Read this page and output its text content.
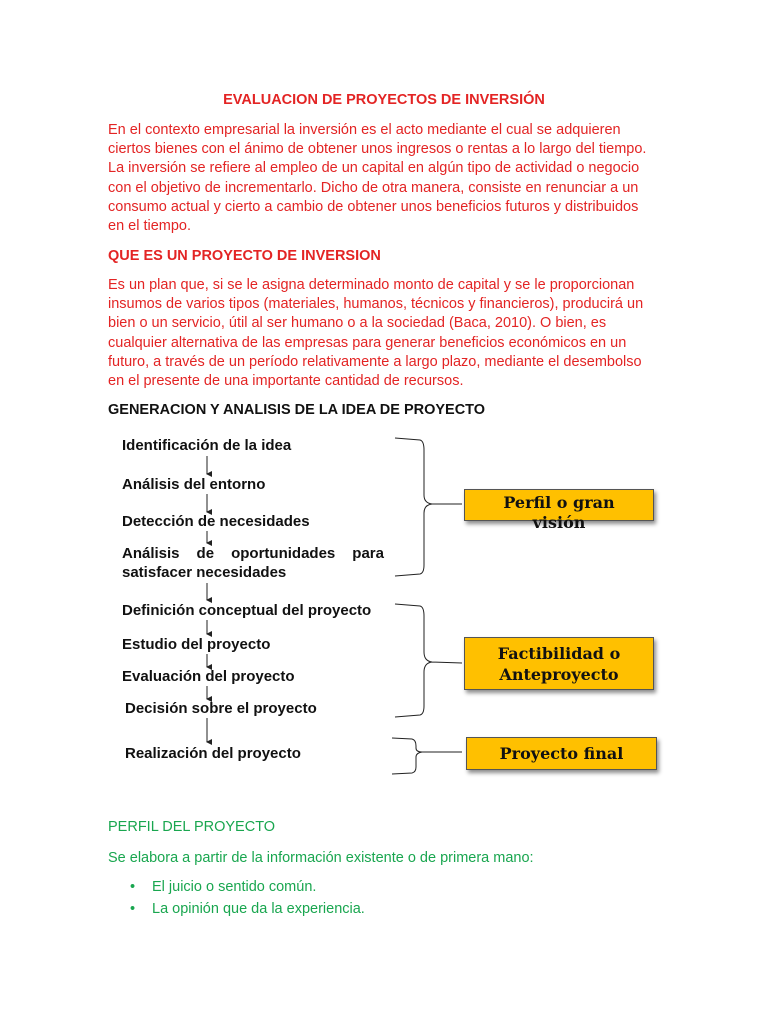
EVALUACION DE PROYECTOS DE INVERSIÓN
En el contexto empresarial la inversión es el acto mediante el cual se adquieren
ciertos bienes con el ánimo de obtener unos ingresos o rentas a lo largo del tiempo.
La inversión se refiere al empleo de un capital en algún tipo de actividad o negocio
con el objetivo de incrementarlo. Dicho de otra manera, consiste en renunciar a un
consumo actual y cierto a cambio de obtener unos beneficios futuros y distribuidos
en el tiempo.
QUE ES UN PROYECTO DE INVERSION
Es un plan que, si se le asigna determinado monto de capital y se le proporcionan
insumos de varios tipos (materiales, humanos, técnicos y financieros), producirá un
bien o un servicio, útil al ser humano o a la sociedad (Baca, 2010). O bien, es
cualquier alternativa de las empresas para generar beneficios económicos en un
futuro, a través de un período relativamente a largo plazo, mediante el desembolso
en el presente de una importante cantidad de recursos.
GENERACION Y ANALISIS DE LA IDEA DE PROYECTO
Identificación de la idea
Análisis del entorno
Detección de necesidades
Análisis de oportunidades para satisfacer necesidades
Definición conceptual del proyecto
Estudio del proyecto
Evaluación del proyecto
Decisión sobre el proyecto
Realización del proyecto
Perfil o gran
visión
Factibilidad o
Anteproyecto
Proyecto final
PERFIL DEL PROYECTO
Se elabora a partir de la información existente o de primera mano:
• El juicio o sentido común.
• La opinión que da la experiencia.
